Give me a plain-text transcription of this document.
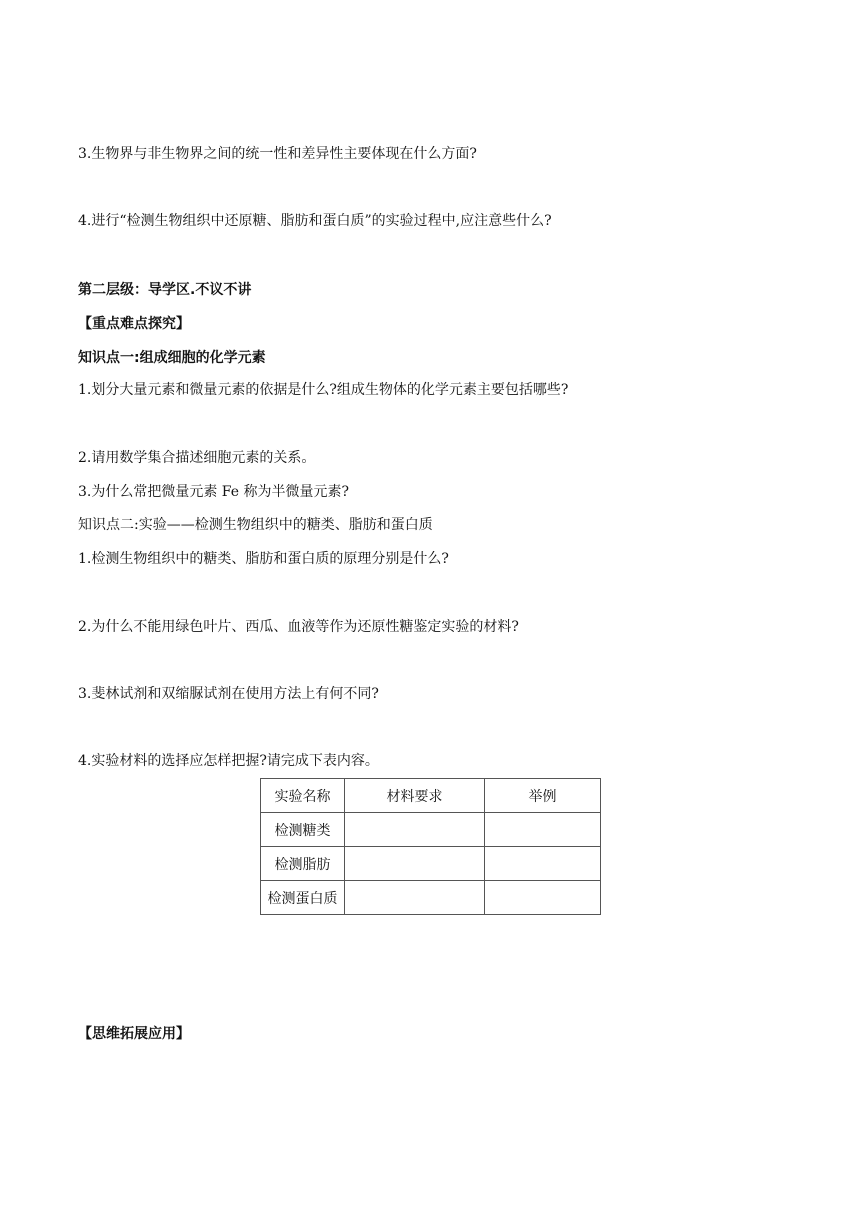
3.生物界与非生物界之间的统一性和差异性主要体现在什么方面?
4.进行“检测生物组织中还原糖、脂肪和蛋白质”的实验过程中,应注意些什么?
第二层级：导学区.不议不讲
【重点难点探究】
知识点一:组成细胞的化学元素
1.划分大量元素和微量元素的依据是什么?组成生物体的化学元素主要包括哪些?
2.请用数学集合描述细胞元素的关系。
3.为什么常把微量元素 Fe 称为半微量元素?
知识点二:实验——检测生物组织中的糖类、脂肪和蛋白质
1.检测生物组织中的糖类、脂肪和蛋白质的原理分别是什么?
2.为什么不能用绿色叶片、西瓜、血液等作为还原性糖鉴定实验的材料?
3.斐林试剂和双缩脲试剂在使用方法上有何不同?
4.实验材料的选择应怎样把握?请完成下表内容。
实验名称	材料要求	举例
检测糖类		
检测脂肪		
检测蛋白质		
【思维拓展应用】
